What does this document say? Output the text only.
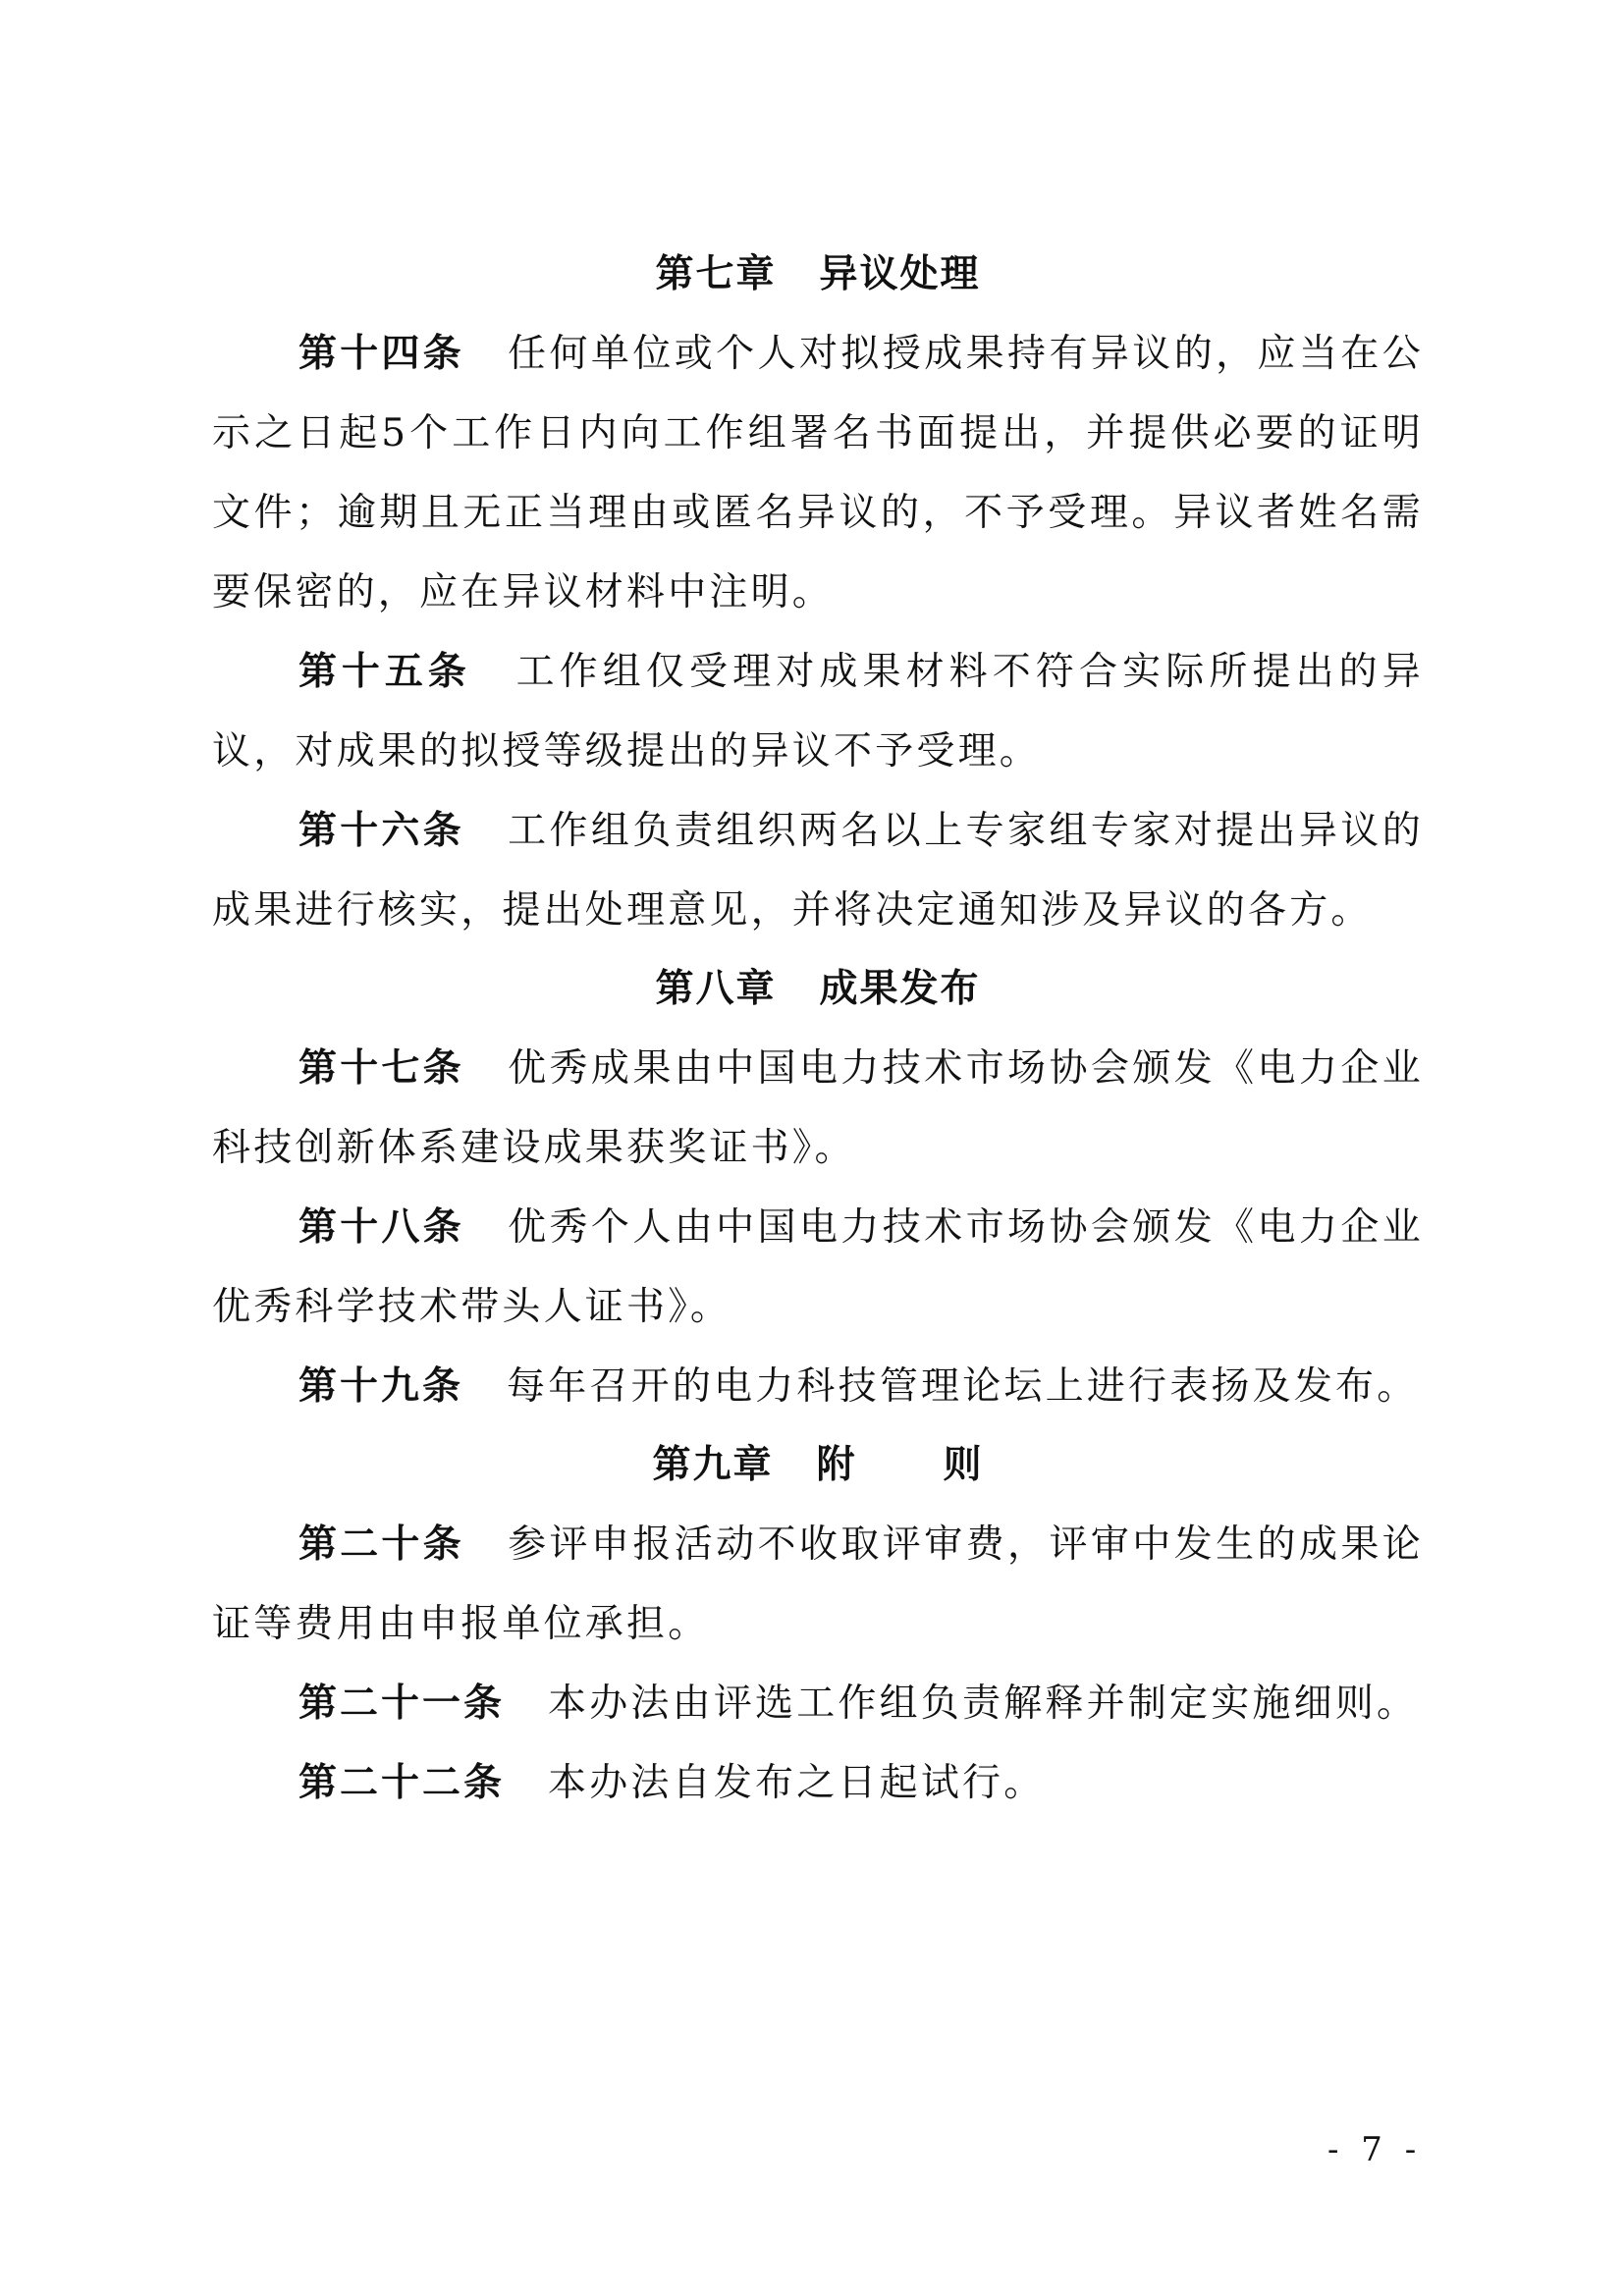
第七章 异议处理

第十四条 任何单位或个人对拟授成果持有异议的，应当在公示之日起5个工作日内向工作组署名书面提出，并提供必要的证明文件；逾期且无正当理由或匿名异议的，不予受理。异议者姓名需要保密的，应在异议材料中注明。

第十五条 工作组仅受理对成果材料不符合实际所提出的异议，对成果的拟授等级提出的异议不予受理。

第十六条 工作组负责组织两名以上专家组专家对提出异议的成果进行核实，提出处理意见，并将决定通知涉及异议的各方。

第八章 成果发布

第十七条 优秀成果由中国电力技术市场协会颁发《电力企业科技创新体系建设成果获奖证书》。

第十八条 优秀个人由中国电力技术市场协会颁发《电力企业优秀科学技术带头人证书》。

第十九条 每年召开的电力科技管理论坛上进行表扬及发布。

第九章 附 则

第二十条 参评申报活动不收取评审费，评审中发生的成果论证等费用由申报单位承担。

第二十一条 本办法由评选工作组负责解释并制定实施细则。

第二十二条 本办法自发布之日起试行。

- 7 -
